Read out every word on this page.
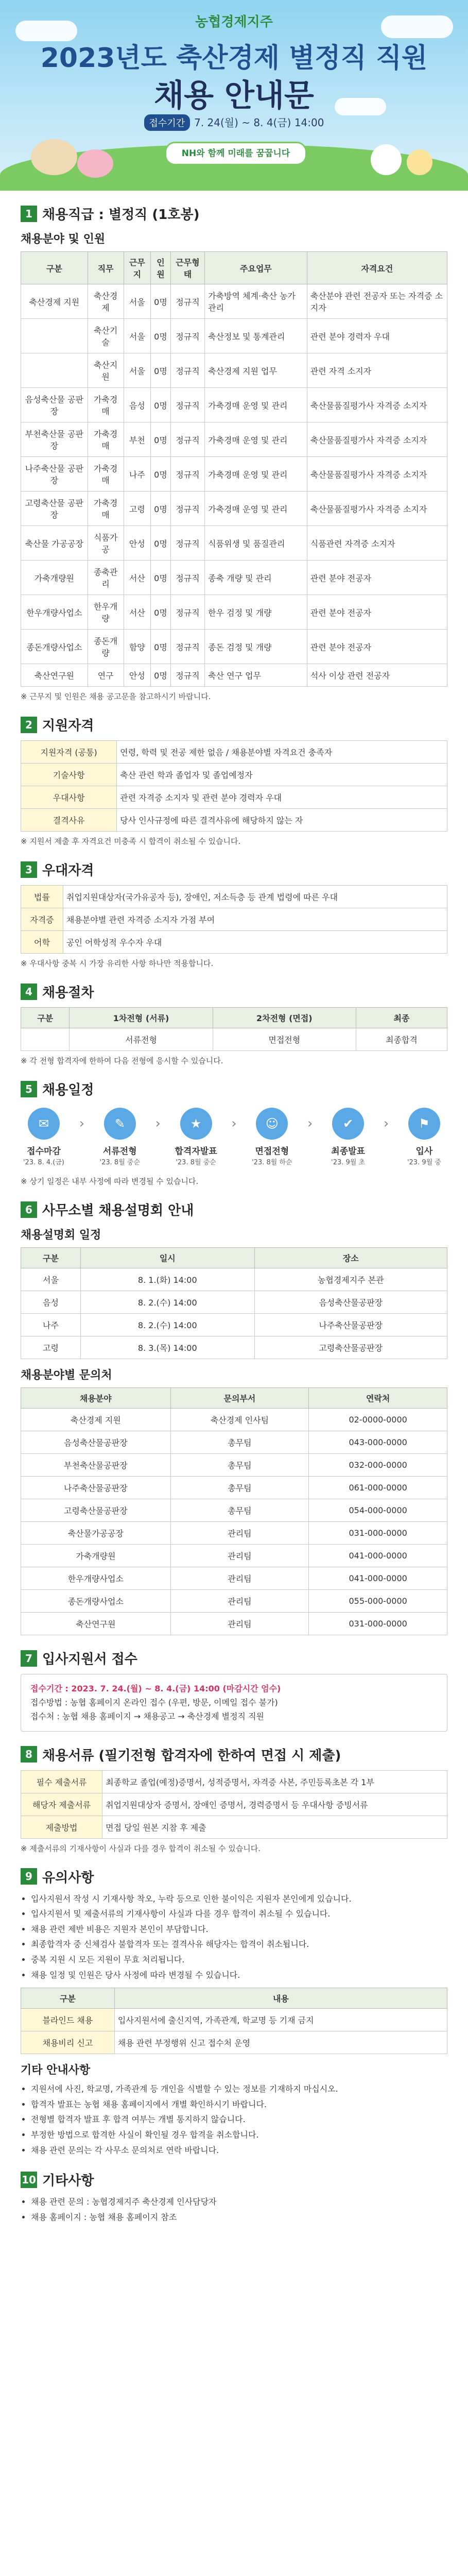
농협경제지주
2023년도 축산경제 별정직 직원
채용 안내문
접수기간 7. 24(월) ~ 8. 4(금) 14:00
NH와 함께 미래를 꿈꿉니다
1 채용직급 : 별정직 (1호봉)
채용분야 및 인원
구분	직무	근무지	인원	근무형태	주요업무	자격요건
축산경제 지원	축산경제	서울	0명	정규직	가축방역 체계·축산 농가 관리	축산분야 관련 전공자 또는 자격증 소지자
	축산기술	서울	0명	정규직	축산정보 및 통계관리	관련 분야 경력자 우대
	축산지원	서울	0명	정규직	축산경제 지원 업무	관련 자격 소지자
음성축산물 공판장	가축경매	음성	0명	정규직	가축경매 운영 및 관리	축산물품질평가사 자격증 소지자
부천축산물 공판장	가축경매	부천	0명	정규직	가축경매 운영 및 관리	축산물품질평가사 자격증 소지자
나주축산물 공판장	가축경매	나주	0명	정규직	가축경매 운영 및 관리	축산물품질평가사 자격증 소지자
고령축산물 공판장	가축경매	고령	0명	정규직	가축경매 운영 및 관리	축산물품질평가사 자격증 소지자
축산물 가공공장	식품가공	안성	0명	정규직	식품위생 및 품질관리	식품관련 자격증 소지자
가축개량원	종축관리	서산	0명	정규직	종축 개량 및 관리	관련 분야 전공자
한우개량사업소	한우개량	서산	0명	정규직	한우 검정 및 개량	관련 분야 전공자
종돈개량사업소	종돈개량	함양	0명	정규직	종돈 검정 및 개량	관련 분야 전공자
축산연구원	연구	안성	0명	정규직	축산 연구 업무	석사 이상 관련 전공자
※ 근무지 및 인원은 채용 공고문을 참고하시기 바랍니다.
2 지원자격
지원자격 (공통)	연령, 학력 및 전공 제한 없음 / 채용분야별 자격요건 충족자
기술사항	축산 관련 학과 졸업자 및 졸업예정자
우대사항	관련 자격증 소지자 및 관련 분야 경력자 우대
결격사유	당사 인사규정에 따른 결격사유에 해당하지 않는 자
※ 지원서 제출 후 자격요건 미충족 시 합격이 취소될 수 있습니다.
3 우대자격
법률	취업지원대상자(국가유공자 등), 장애인, 저소득층 등 관계 법령에 따른 우대
자격증	채용분야별 관련 자격증 소지자 가점 부여
어학	공인 어학성적 우수자 우대
※ 우대사항 중복 시 가장 유리한 사항 하나만 적용합니다.
4 채용절차
구분	1차전형 (서류)	2차전형 (면접)	최종
	서류전형	면접전형	최종합격
※ 각 전형 합격자에 한하여 다음 전형에 응시할 수 있습니다.
5 채용일정
✉
접수마감
'23. 8. 4.(금)
›	✎
서류전형
'23. 8월 중순
›	★
합격자발표
'23. 8월 중순
›	☺
면접전형
'23. 8월 하순
›	✔
최종발표
'23. 9월 초
›	⚑
입사
'23. 9월 중
※ 상기 일정은 내부 사정에 따라 변경될 수 있습니다.
6 사무소별 채용설명회 안내
채용설명회 일정
구분	일시	장소
서울	8. 1.(화) 14:00	농협경제지주 본관
음성	8. 2.(수) 14:00	음성축산물공판장
나주	8. 2.(수) 14:00	나주축산물공판장
고령	8. 3.(목) 14:00	고령축산물공판장
채용분야별 문의처
채용분야	문의부서	연락처
축산경제 지원	축산경제 인사팀	02-0000-0000
음성축산물공판장	총무팀	043-000-0000
부천축산물공판장	총무팀	032-000-0000
나주축산물공판장	총무팀	061-000-0000
고령축산물공판장	총무팀	054-000-0000
축산물가공공장	관리팀	031-000-0000
가축개량원	관리팀	041-000-0000
한우개량사업소	관리팀	041-000-0000
종돈개량사업소	관리팀	055-000-0000
축산연구원	관리팀	031-000-0000
7 입사지원서 접수
접수기간 : 2023. 7. 24.(월) ~ 8. 4.(금) 14:00 (마감시간 엄수)
접수방법 : 농협 홈페이지 온라인 접수 (우편, 방문, 이메일 접수 불가)
접수처 : 농협 채용 홈페이지 → 채용공고 → 축산경제 별정직 직원
8 채용서류 (필기전형 합격자에 한하여 면접 시 제출)
필수 제출서류	최종학교 졸업(예정)증명서, 성적증명서, 자격증 사본, 주민등록초본 각 1부
해당자 제출서류	취업지원대상자 증명서, 장애인 증명서, 경력증명서 등 우대사항 증빙서류
제출방법	면접 당일 원본 지참 후 제출
※ 제출서류의 기재사항이 사실과 다를 경우 합격이 취소될 수 있습니다.
9 유의사항
• 입사지원서 작성 시 기재사항 착오, 누락 등으로 인한 불이익은 지원자 본인에게 있습니다.
• 입사지원서 및 제출서류의 기재사항이 사실과 다를 경우 합격이 취소될 수 있습니다.
• 채용 관련 제반 비용은 지원자 본인이 부담합니다.
• 최종합격자 중 신체검사 불합격자 또는 결격사유 해당자는 합격이 취소됩니다.
• 중복 지원 시 모든 지원이 무효 처리됩니다.
• 채용 일정 및 인원은 당사 사정에 따라 변경될 수 있습니다.
구분	내용
블라인드 채용	입사지원서에 출신지역, 가족관계, 학교명 등 기재 금지
채용비리 신고	채용 관련 부정행위 신고 접수처 운영
기타 안내사항
• 지원서에 사진, 학교명, 가족관계 등 개인을 식별할 수 있는 정보를 기재하지 마십시오.
• 합격자 발표는 농협 채용 홈페이지에서 개별 확인하시기 바랍니다.
• 전형별 합격자 발표 후 합격 여부는 개별 통지하지 않습니다.
• 부정한 방법으로 합격한 사실이 확인될 경우 합격을 취소합니다.
• 채용 관련 문의는 각 사무소 문의처로 연락 바랍니다.
10 기타사항
• 채용 관련 문의 : 농협경제지주 축산경제 인사담당자
• 채용 홈페이지 : 농협 채용 홈페이지 참조
